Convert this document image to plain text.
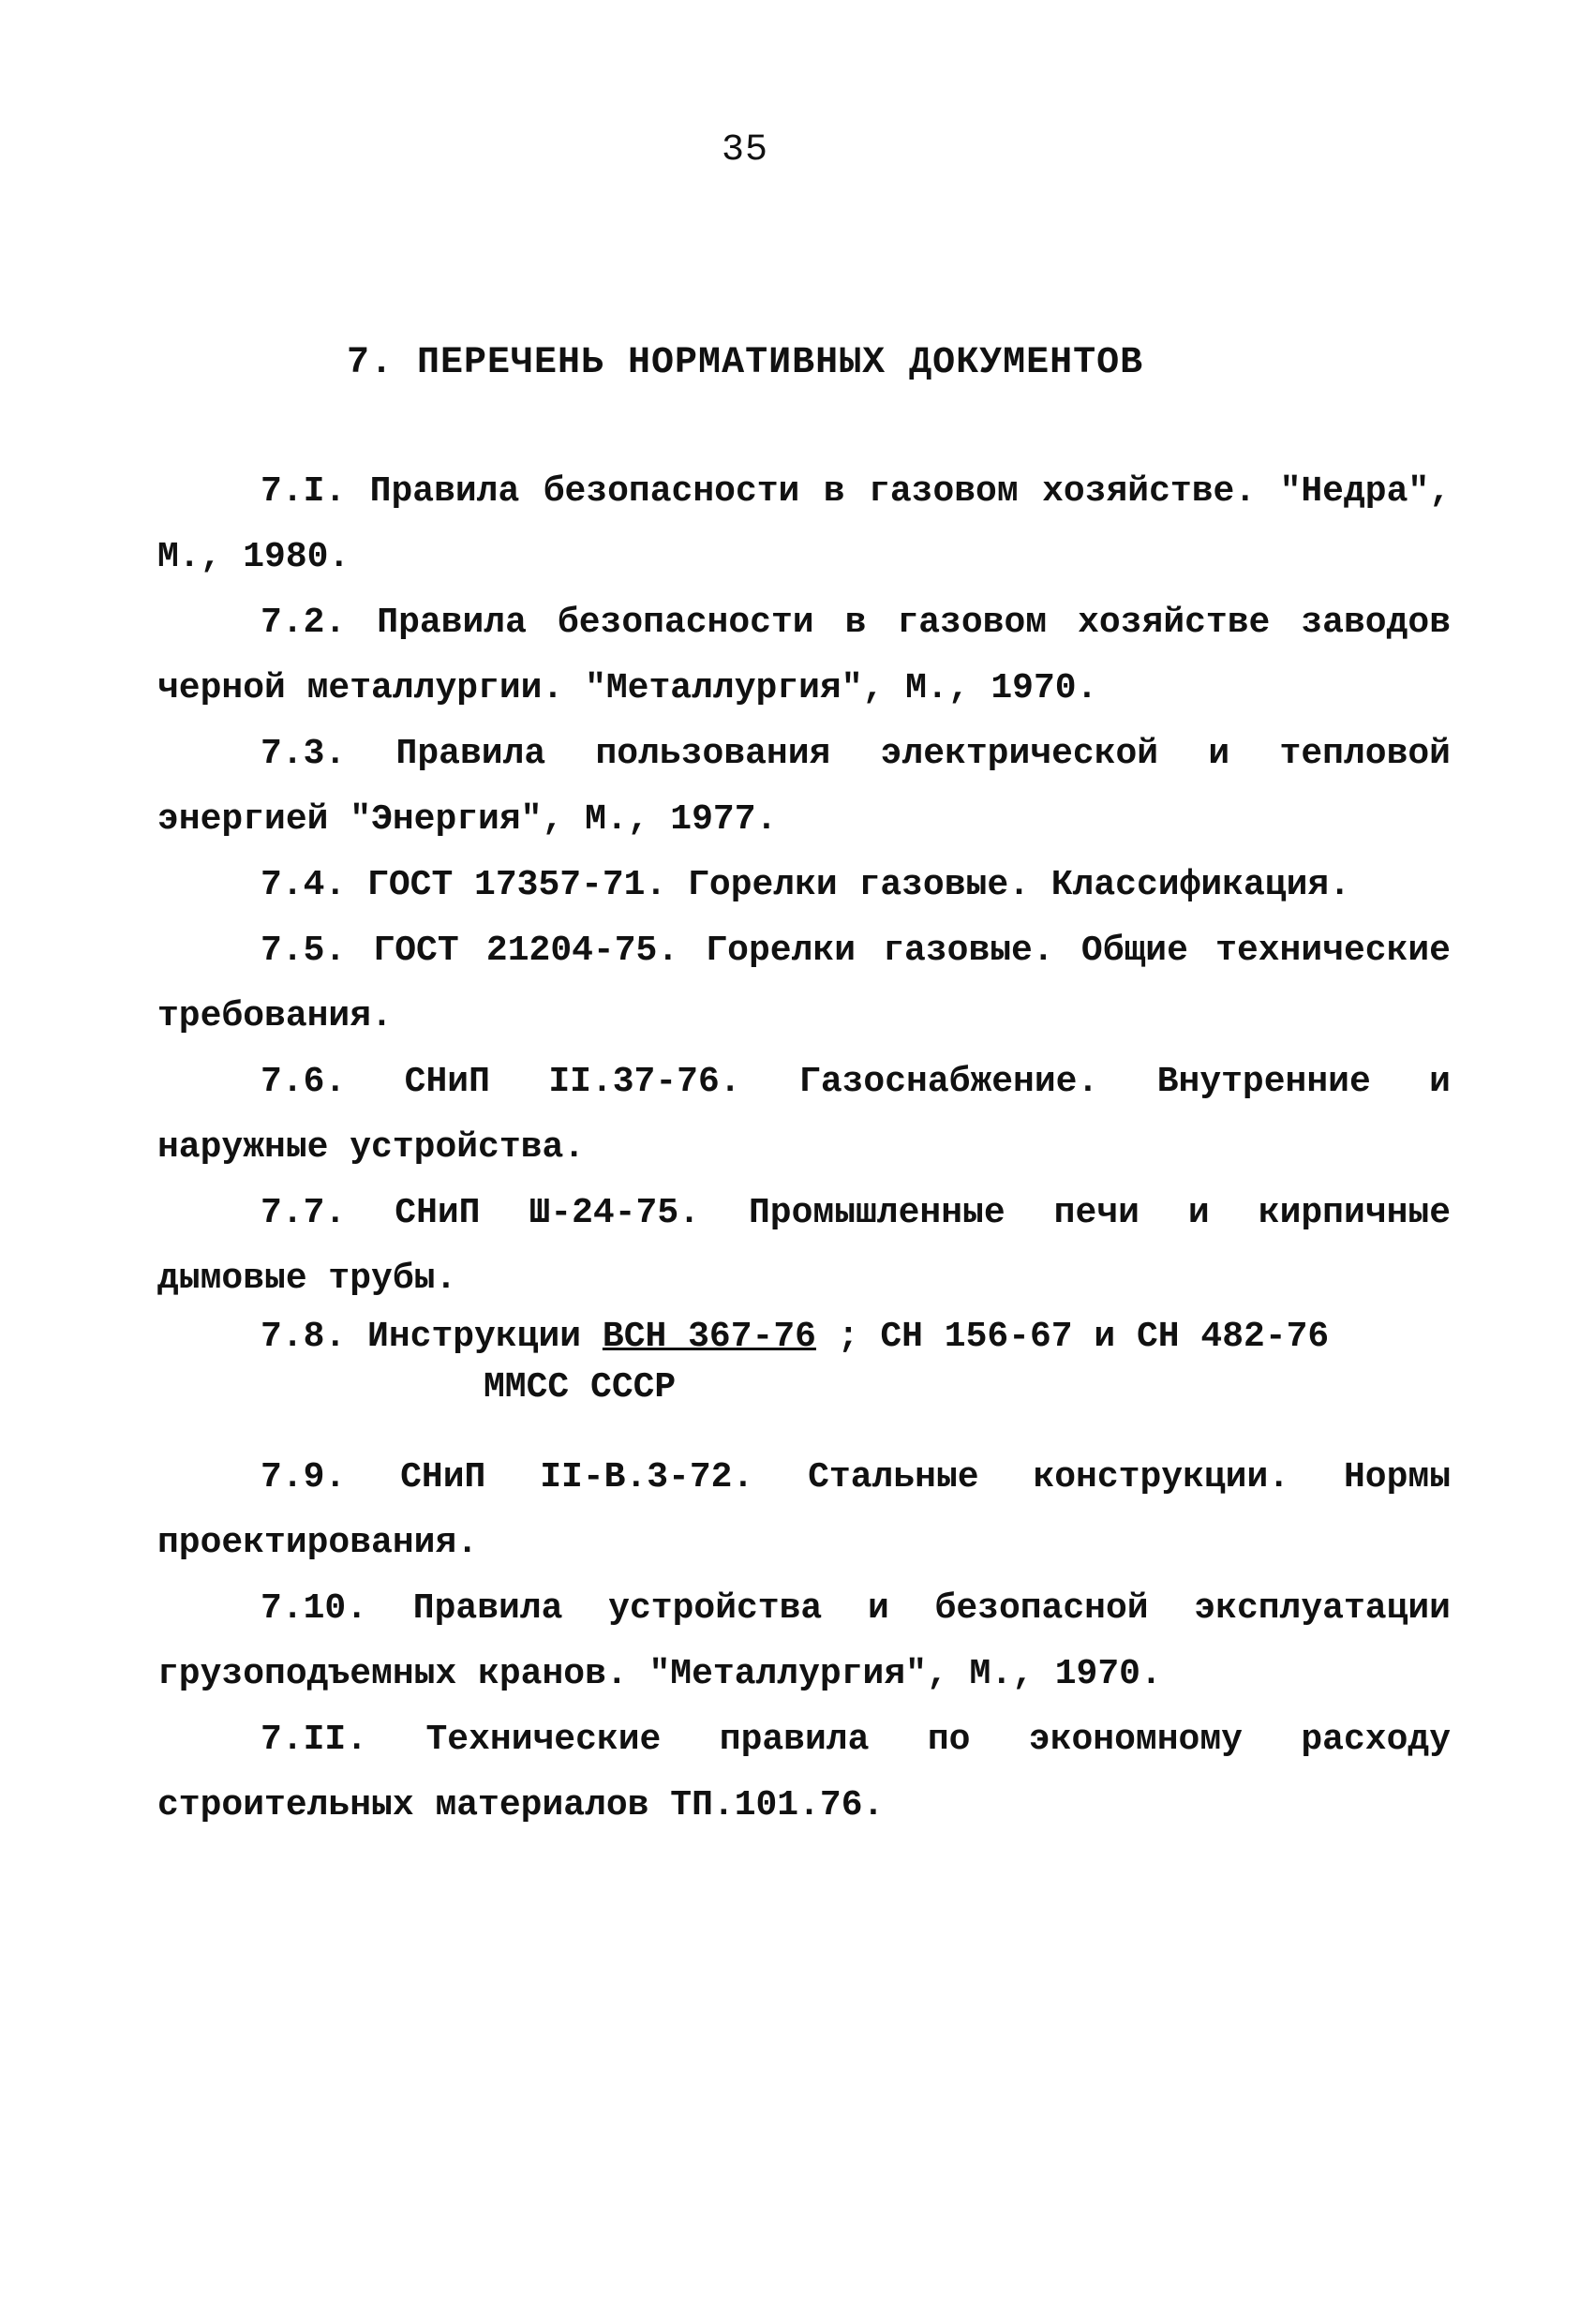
35
7. ПЕРЕЧЕНЬ НОРМАТИВНЫХ ДОКУМЕНТОВ

7.I. Правила безопасности в газовом хозяйстве. "Недра", М., 1980.

7.2. Правила безопасности в газовом хозяйстве заводов черной металлургии. "Металлургия", М., 1970.

7.3. Правила пользования электрической и тепловой энергией "Энергия", М., 1977.

7.4. ГОСТ 17357-71. Горелки газовые. Классификация.

7.5. ГОСТ 21204-75. Горелки газовые. Общие технические требования.

7.6. СНиП II.37-76. Газоснабжение. Внутренние и наружные устройства.

7.7. СНиП Ш-24-75. Промышленные печи и кирпичные дымовые трубы.

7.8. Инструкции ВСН 367-76 ; СН 156-67 и СН 482-76
ММСС СССР

7.9. СНиП II-В.3-72. Стальные конструкции. Нормы проектирования.

7.10. Правила устройства и безопасной эксплуатации грузоподъемных кранов. "Металлургия", М., 1970.

7.II. Технические правила по экономному расходу строительных материалов ТП.101.76.
